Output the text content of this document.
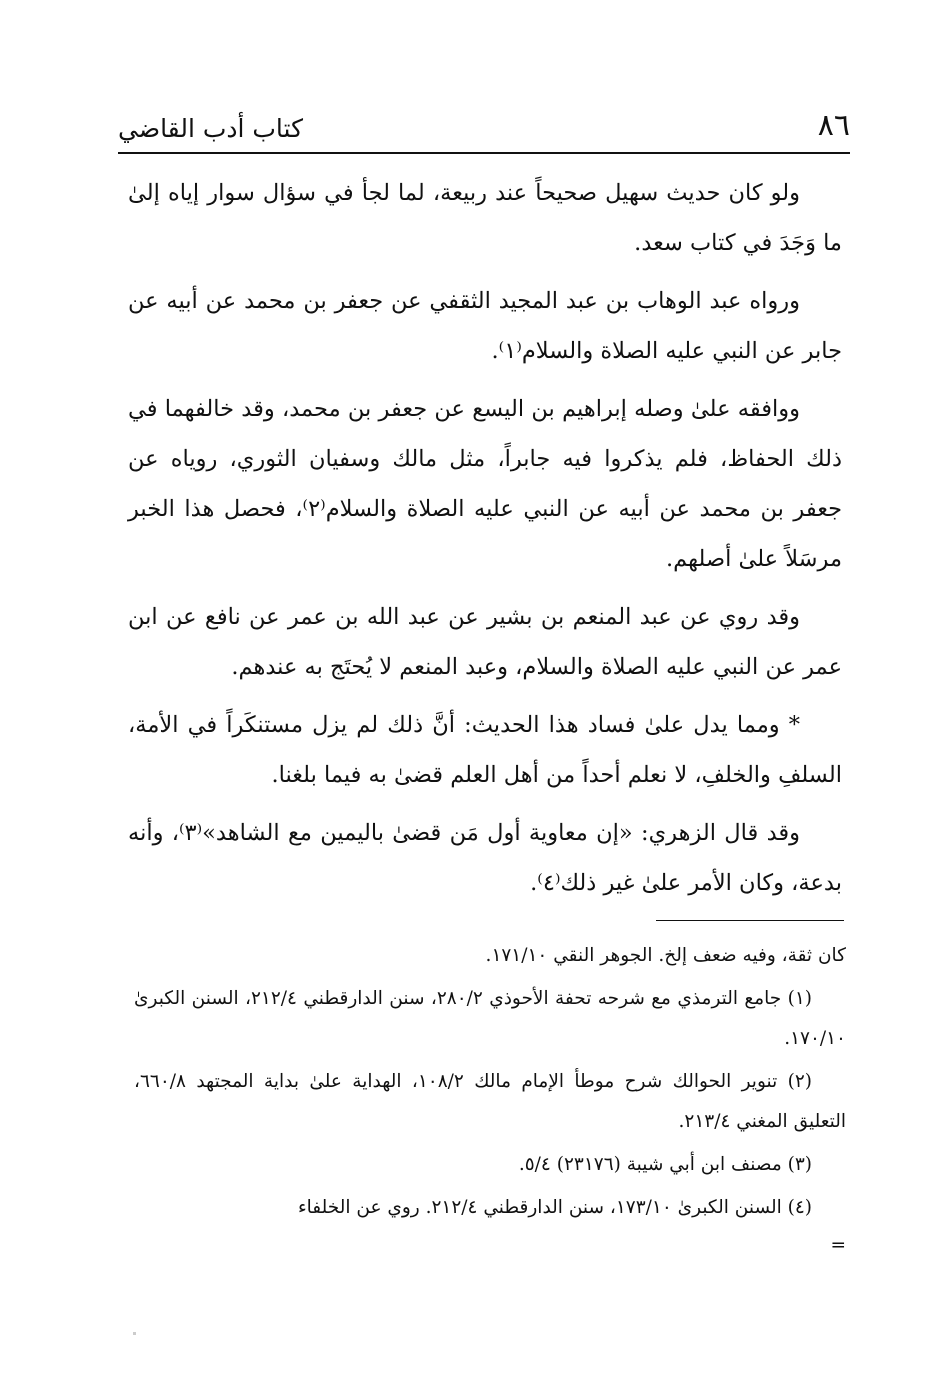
٨٦
كتاب أدب القاضي

ولو كان حديث سهيل صحيحاً عند ربيعة، لما لجأ في سؤال سوار إياه إلىٰ ما وَجَدَ في كتاب سعد.

ورواه عبد الوهاب بن عبد المجيد الثقفي عن جعفر بن محمد عن أبيه عن جابر عن النبي عليه الصلاة والسلام⁽١⁾.

ووافقه علىٰ وصله إبراهيم بن اليسع عن جعفر بن محمد، وقد خالفهما في ذلك الحفاظ، فلم يذكروا فيه جابراً، مثل مالك وسفيان الثوري، روياه عن جعفر بن محمد عن أبيه عن النبي عليه الصلاة والسلام⁽٢⁾، فحصل هذا الخبر مرسَلاً علىٰ أصلهم.

وقد روي عن عبد المنعم بن بشير عن عبد الله بن عمر عن نافع عن ابن عمر عن النبي عليه الصلاة والسلام، وعبد المنعم لا يُحتَج به عندهم.

* ومما يدل علىٰ فساد هذا الحديث: أنَّ ذلك لم يزل مستنكَراً في الأمة، السلفِ والخلفِ، لا نعلم أحداً من أهل العلم قضىٰ به فيما بلغنا.

وقد قال الزهري: «إن معاوية أول مَن قضىٰ باليمين مع الشاهد»⁽٣⁾، وأنه بدعة، وكان الأمر علىٰ غير ذلك⁽٤⁾.

كان ثقة، وفيه ضعف إلخ. الجوهر النقي ١٧١/١٠.

(١) جامع الترمذي مع شرحه تحفة الأحوذي ٢٨٠/٢، سنن الدارقطني ٢١٢/٤، السنن الكبرىٰ ١٧٠/١٠.

(٢) تنوير الحوالك شرح موطأ الإمام مالك ١٠٨/٢، الهداية علىٰ بداية المجتهد ٦٦٠/٨، التعليق المغني ٢١٣/٤.

(٣) مصنف ابن أبي شيبة (٢٣١٧٦) ٥/٤.

(٤) السنن الكبرىٰ ١٧٣/١٠، سنن الدارقطني ٢١٢/٤. روي عن الخلفاء

=
